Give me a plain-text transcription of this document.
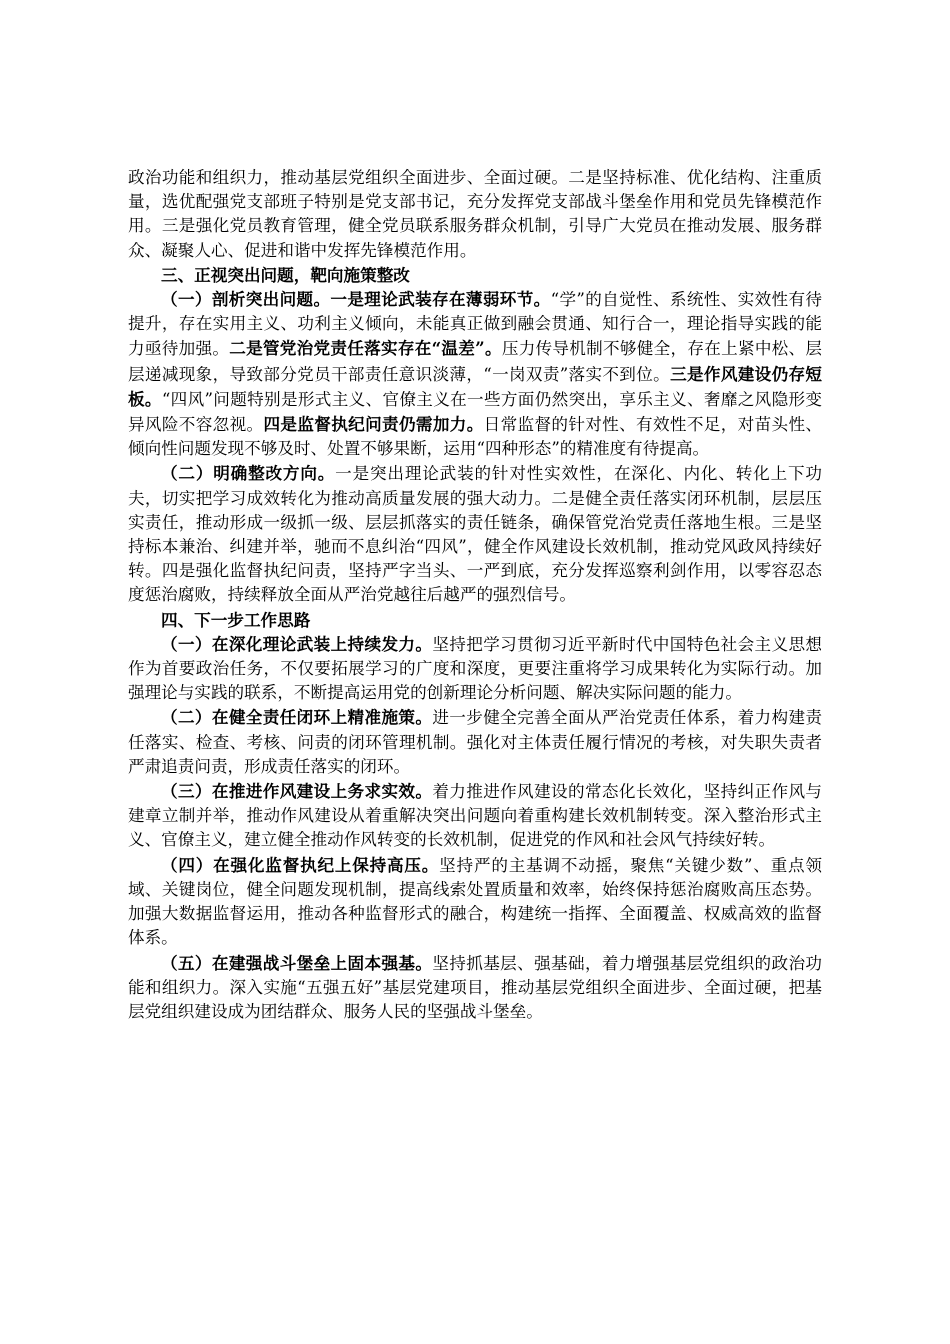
政治功能和组织力，推动基层党组织全面进步、全面过硬。二是坚持标准、优化结构、注重质量，选优配强党支部班子特别是党支部书记，充分发挥党支部战斗堡垒作用和党员先锋模范作用。三是强化党员教育管理，健全党员联系服务群众机制，引导广大党员在推动发展、服务群众、凝聚人心、促进和谐中发挥先锋模范作用。

三、正视突出问题，靶向施策整改

（一）剖析突出问题。一是理论武装存在薄弱环节。“学”的自觉性、系统性、实效性有待提升，存在实用主义、功利主义倾向，未能真正做到融会贯通、知行合一，理论指导实践的能力亟待加强。二是管党治党责任落实存在“温差”。压力传导机制不够健全，存在上紧中松、层层递减现象，导致部分党员干部责任意识淡薄，“一岗双责”落实不到位。三是作风建设仍存短板。“四风”问题特别是形式主义、官僚主义在一些方面仍然突出，享乐主义、奢靡之风隐形变异风险不容忽视。四是监督执纪问责仍需加力。日常监督的针对性、有效性不足，对苗头性、倾向性问题发现不够及时、处置不够果断，运用“四种形态”的精准度有待提高。

（二）明确整改方向。一是突出理论武装的针对性实效性，在深化、内化、转化上下功夫，切实把学习成效转化为推动高质量发展的强大动力。二是健全责任落实闭环机制，层层压实责任，推动形成一级抓一级、层层抓落实的责任链条，确保管党治党责任落地生根。三是坚持标本兼治、纠建并举，驰而不息纠治“四风”，健全作风建设长效机制，推动党风政风持续好转。四是强化监督执纪问责，坚持严字当头、一严到底，充分发挥巡察利剑作用，以零容忍态度惩治腐败，持续释放全面从严治党越往后越严的强烈信号。

四、下一步工作思路

（一）在深化理论武装上持续发力。坚持把学习贯彻习近平新时代中国特色社会主义思想作为首要政治任务，不仅要拓展学习的广度和深度，更要注重将学习成果转化为实际行动。加强理论与实践的联系，不断提高运用党的创新理论分析问题、解决实际问题的能力。

（二）在健全责任闭环上精准施策。进一步健全完善全面从严治党责任体系，着力构建责任落实、检查、考核、问责的闭环管理机制。强化对主体责任履行情况的考核，对失职失责者严肃追责问责，形成责任落实的闭环。

（三）在推进作风建设上务求实效。着力推进作风建设的常态化长效化，坚持纠正作风与建章立制并举，推动作风建设从着重解决突出问题向着重构建长效机制转变。深入整治形式主义、官僚主义，建立健全推动作风转变的长效机制，促进党的作风和社会风气持续好转。

（四）在强化监督执纪上保持高压。坚持严的主基调不动摇，聚焦“关键少数”、重点领域、关键岗位，健全问题发现机制，提高线索处置质量和效率，始终保持惩治腐败高压态势。加强大数据监督运用，推动各种监督形式的融合，构建统一指挥、全面覆盖、权威高效的监督体系。

（五）在建强战斗堡垒上固本强基。坚持抓基层、强基础，着力增强基层党组织的政治功能和组织力。深入实施“五强五好”基层党建项目，推动基层党组织全面进步、全面过硬，把基层党组织建设成为团结群众、服务人民的坚强战斗堡垒。
